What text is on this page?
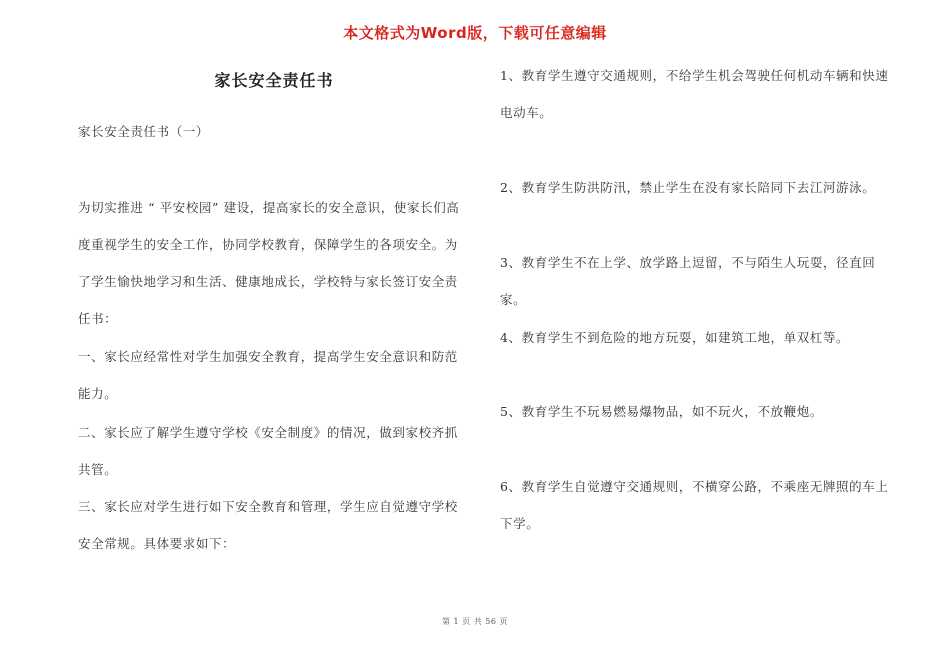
本文格式为Word版，下载可任意编辑
家长安全责任书
家长安全责任书（一）
为切实推进 “ 平安校园” 建设，提高家长的安全意识，使家长们高度重视学生的安全工作，协同学校教育，保障学生的各项安全。为了学生愉快地学习和生活、健康地成长，学校特与家长签订安全责任书：
一、家长应经常性对学生加强安全教育，提高学生安全意识和防范能力。
二、家长应了解学生遵守学校《安全制度》的情况，做到家校齐抓共管。
三、家长应对学生进行如下安全教育和管理，学生应自觉遵守学校安全常规。具体要求如下：
1、教育学生遵守交通规则，不给学生机会驾驶任何机动车辆和快速电动车。
2、教育学生防洪防汛，禁止学生在没有家长陪同下去江河游泳。
3、教育学生不在上学、放学路上逗留，不与陌生人玩耍，径直回家。
4、教育学生不到危险的地方玩耍，如建筑工地，单双杠等。
5、教育学生不玩易燃易爆物品，如不玩火，不放鞭炮。
6、教育学生自觉遵守交通规则，不横穿公路，不乘座无牌照的车上下学。
第 1 页 共 56 页
